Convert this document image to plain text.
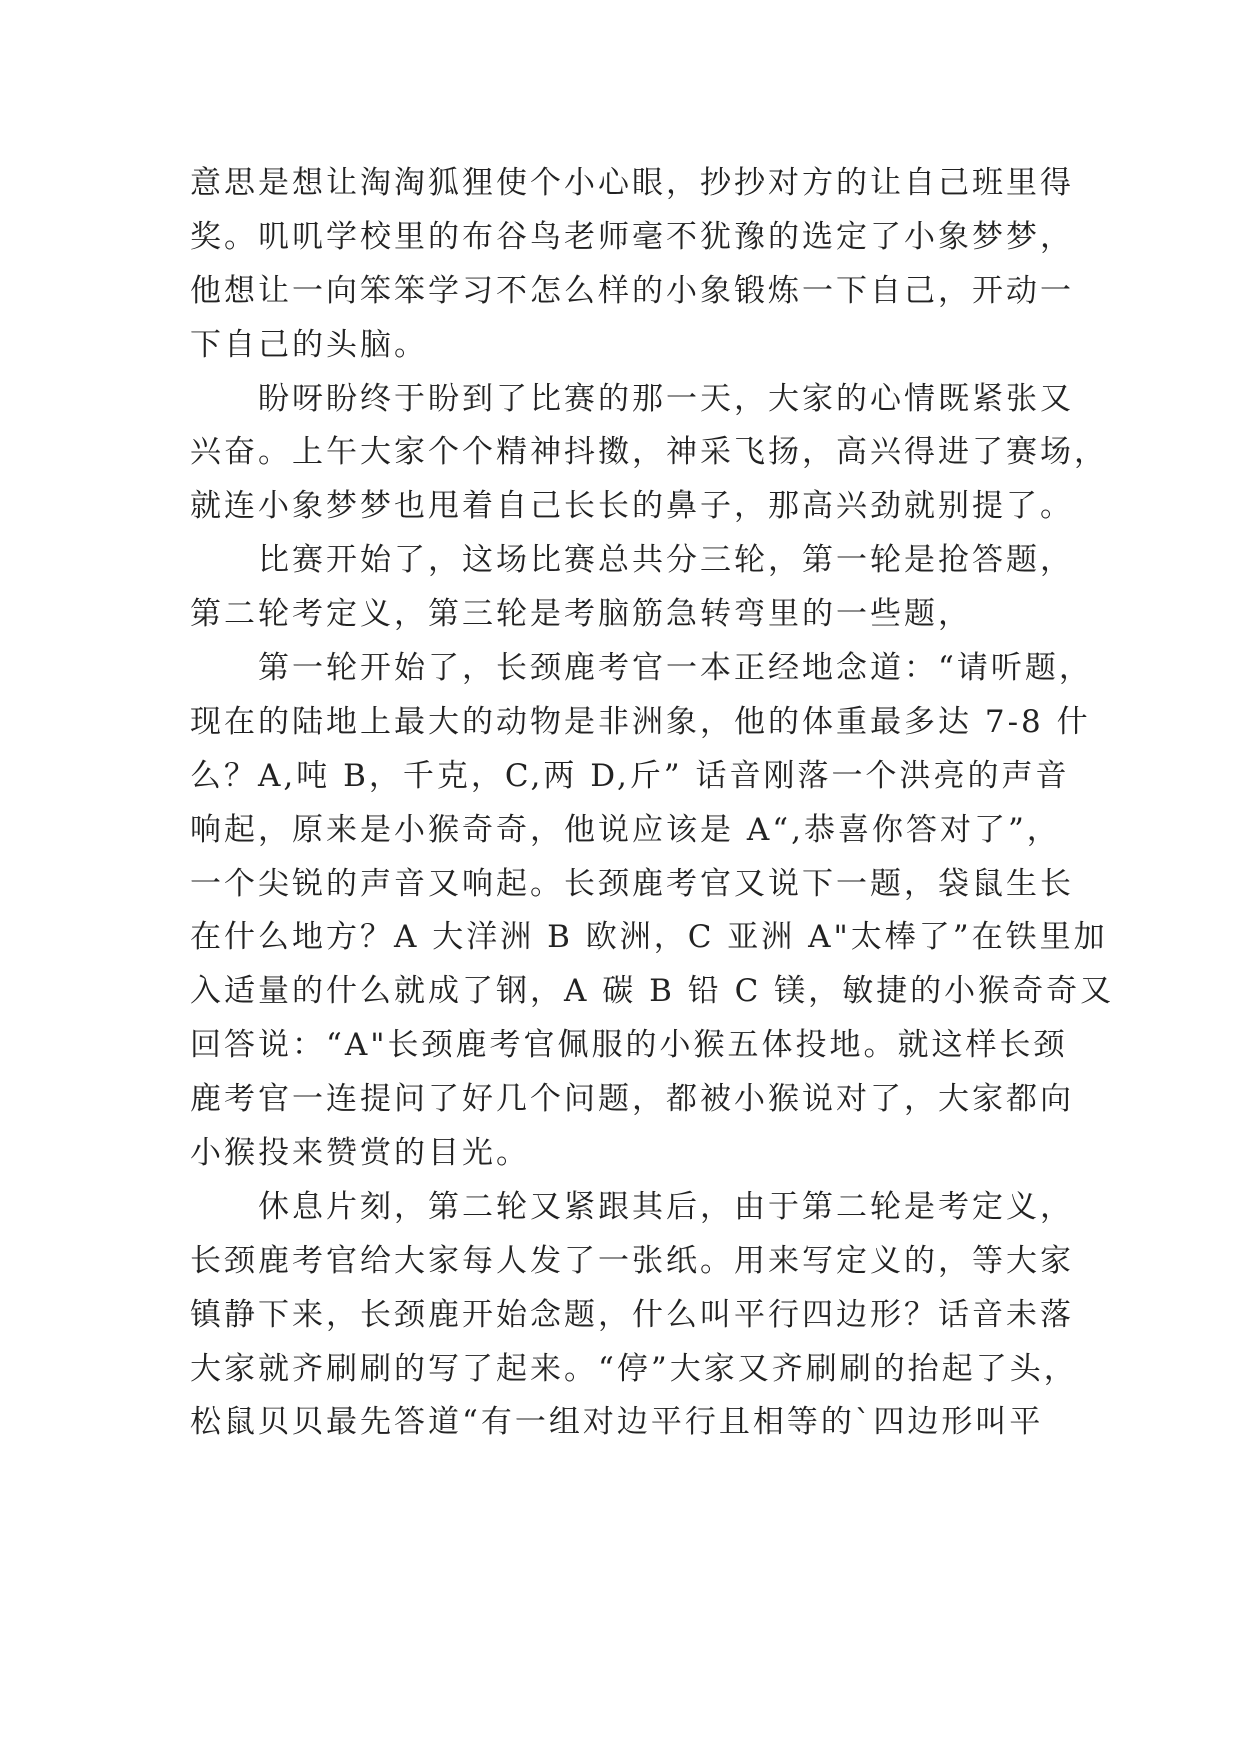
意思是想让淘淘狐狸使个小心眼，抄抄对方的让自己班里得
奖。叽叽学校里的布谷鸟老师毫不犹豫的选定了小象梦梦，
他想让一向笨笨学习不怎么样的小象锻炼一下自己，开动一
下自己的头脑。
盼呀盼终于盼到了比赛的那一天，大家的心情既紧张又
兴奋。上午大家个个精神抖擞，神采飞扬，高兴得进了赛场，
就连小象梦梦也甩着自己长长的鼻子，那高兴劲就别提了。
比赛开始了，这场比赛总共分三轮，第一轮是抢答题，
第二轮考定义，第三轮是考脑筋急转弯里的一些题，
第一轮开始了，长颈鹿考官一本正经地念道：“请听题，
现在的陆地上最大的动物是非洲象，他的体重最多达 7-8 什
么？A,吨 B，千克，C,两 D,斤” 话音刚落一个洪亮的声音
响起，原来是小猴奇奇，他说应该是 A“,恭喜你答对了”，
一个尖锐的声音又响起。长颈鹿考官又说下一题，袋鼠生长
在什么地方？A 大洋洲 B 欧洲，C 亚洲 A"太棒了”在铁里加
入适量的什么就成了钢，A 碳 B 铅 C 镁，敏捷的小猴奇奇又
回答说：“A"长颈鹿考官佩服的小猴五体投地。就这样长颈
鹿考官一连提问了好几个问题，都被小猴说对了，大家都向
小猴投来赞赏的目光。
休息片刻，第二轮又紧跟其后，由于第二轮是考定义，
长颈鹿考官给大家每人发了一张纸。用来写定义的，等大家
镇静下来，长颈鹿开始念题，什么叫平行四边形？话音未落
大家就齐刷刷的写了起来。“停”大家又齐刷刷的抬起了头，
松鼠贝贝最先答道“有一组对边平行且相等的`四边形叫平
